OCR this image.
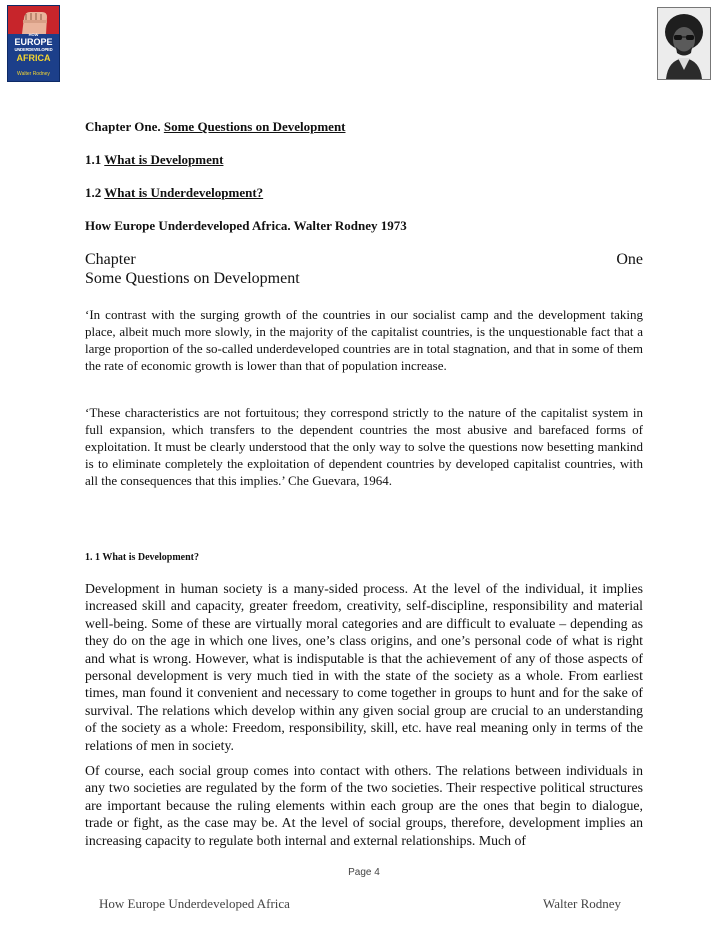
HOW
EUROPE
UNDERDEVELOPED
AFRICA
Walter Rodney
Chapter One. Some Questions on Development
1.1 What is Development
1.2 What is Underdevelopment?
How Europe Underdeveloped Africa. Walter Rodney 1973
Chapter	One
Some Questions on Development

‘In contrast with the surging growth of the countries in our socialist camp and the development taking place, albeit much more slowly, in the majority of the capitalist countries, is the unquestionable fact that a large proportion of the so-called underdeveloped countries are in total stagnation, and that in some of them the rate of economic growth is lower than that of population increase.

‘These characteristics are not fortuitous; they correspond strictly to the nature of the capitalist system in full expansion, which transfers to the dependent countries the most abusive and barefaced forms of exploitation. It must be clearly understood that the only way to solve the questions now besetting mankind is to eliminate completely the exploitation of dependent countries by developed capitalist countries, with all the consequences that this implies.’ Che Guevara, 1964.

1. 1 What is Development?

Development in human society is a many-sided process. At the level of the individual, it implies increased skill and capacity, greater freedom, creativity, self-discipline, responsibility and material well-being. Some of these are virtually moral categories and are difficult to evaluate – depending as they do on the age in which one lives, one’s class origins, and one’s personal code of what is right and what is wrong. However, what is indisputable is that the achievement of any of those aspects of personal development is very much tied in with the state of the society as a whole. From earliest times, man found it convenient and necessary to come together in groups to hunt and for the sake of survival. The relations which develop within any given social group are crucial to an understanding of the society as a whole: Freedom, responsibility, skill, etc. have real meaning only in terms of the relations of men in society.

Of course, each social group comes into contact with others. The relations between individuals in any two societies are regulated by the form of the two societies. Their respective political structures are important because the ruling elements within each group are the ones that begin to dialogue, trade or fight, as the case may be. At the level of social groups, therefore, development implies an increasing capacity to regulate both internal and external relationships. Much of

Page 4
How Europe Underdeveloped Africa	Walter Rodney
